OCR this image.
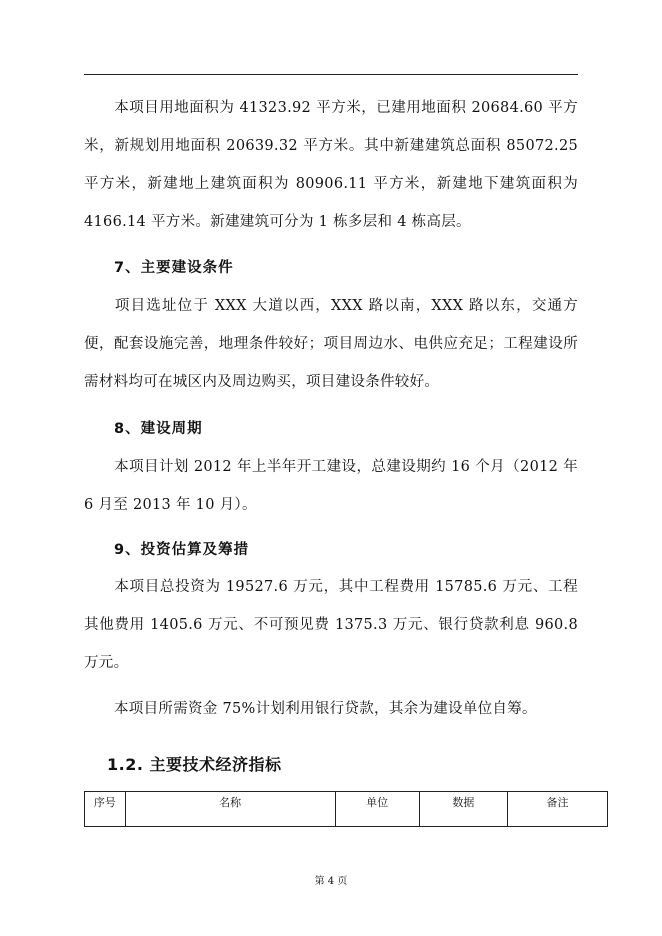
本项目用地面积为 41323.92 平方米，已建用地面积 20684.60 平方米，新规划用地面积 20639.32 平方米。其中新建建筑总面积 85072.25 平方米，新建地上建筑面积为 80906.11 平方米，新建地下建筑面积为 4166.14 平方米。新建建筑可分为 1 栋多层和 4 栋高层。
7、主要建设条件
项目选址位于 XXX 大道以西，XXX 路以南，XXX 路以东，交通方便，配套设施完善，地理条件较好；项目周边水、电供应充足；工程建设所需材料均可在城区内及周边购买，项目建设条件较好。
8、建设周期
本项目计划 2012 年上半年开工建设，总建设期约 16 个月（2012 年 6 月至 2013 年 10 月）。
9、投资估算及筹措
本项目总投资为 19527.6 万元，其中工程费用 15785.6 万元、工程其他费用 1405.6 万元、不可预见费 1375.3 万元、银行贷款利息 960.8 万元。
本项目所需资金 75%计划利用银行贷款，其余为建设单位自筹。
1.2. 主要技术经济指标
序号	名称	单位	数据	备注
第 4 页
